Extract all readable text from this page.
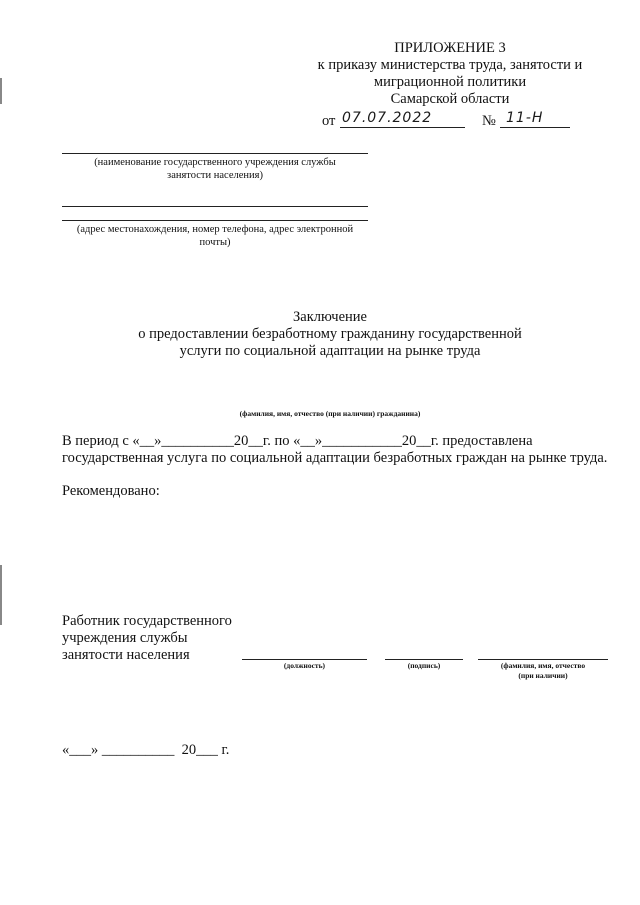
ПРИЛОЖЕНИЕ 3
к приказу министерства труда, занятости и
миграционной политики
Самарской области
от 07.07.2022	№ 11-Н
(наименование государственного учреждения службы
занятости населения)
(адрес местонахождения, номер телефона, адрес электронной
почты)
Заключение
о предоставлении безработному гражданину государственной
услуги по социальной адаптации на рынке труда
(фамилия, имя, отчество (при наличии) гражданина)
В период с «__»__________20__г. по «__»___________20__г. предоставлена
государственная услуга по социальной адаптации безработных граждан на рынке труда.
Рекомендовано:
Работник государственного
учреждения службы
занятости населения
(должность)	(подпись)	(фамилия, имя, отчество
(при наличии)
«___» __________  20___ г.
